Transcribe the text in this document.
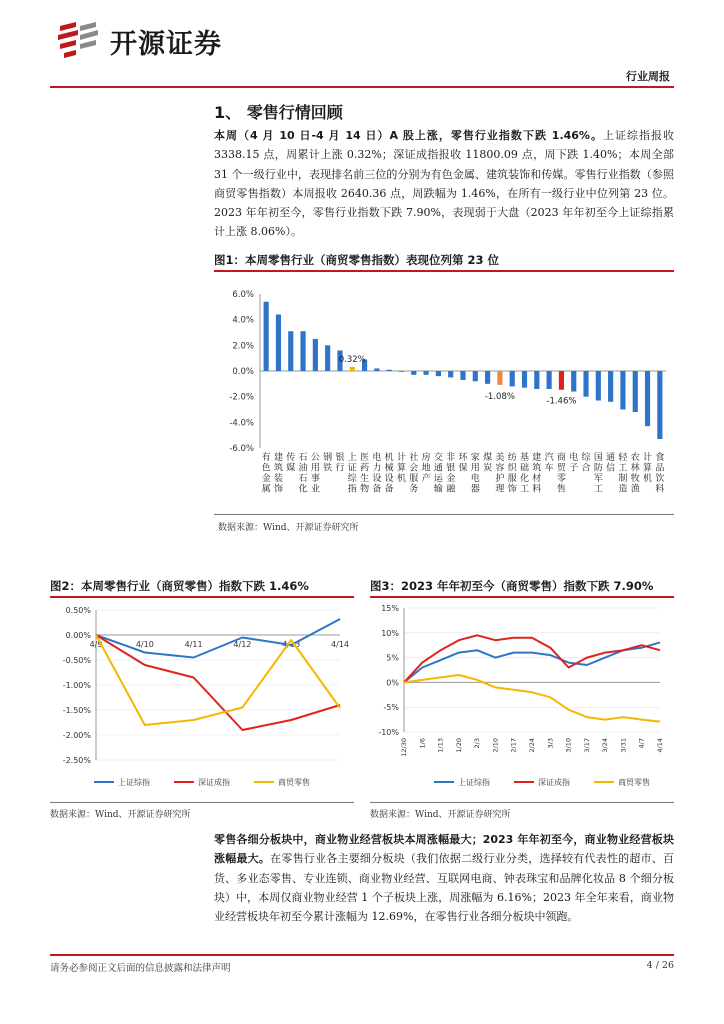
开源证券
行业周报
1、 零售行情回顾
本周（4 月 10 日-4 月 14 日）A 股上涨，零售行业指数下跌 1.46%。上证综指报收 3338.15 点，周累计上涨 0.32%；深证成指报收 11800.09 点，周下跌 1.40%；本周全部 31 个一级行业中，表现排名前三位的分别为有色金属、建筑装饰和传媒。零售行业指数（参照商贸零售指数）本周报收 2640.36 点，周跌幅为 1.46%，在所有一级行业中位列第 23 位。2023 年年初至今，零售行业指数下跌 7.90%，表现弱于大盘（2023 年年初至今上证综指累计上涨 8.06%）。
图1：本周零售行业（商贸零售指数）表现位列第 23 位
6.0%
4.0%
2.0%
0.0%
-2.0%
-4.0%
-6.0%
有
色
金
属
建
筑
装
饰
传
媒
石
油
石
化
公
用
事
业
钢
铁
银
行
上
证
综
指
医
药
生
物
电
力
设
备
机
械
设
备
计
算
机
社
会
服
务
房
地
产
交
通
运
输
非
银
金
融
环
保
家
用
电
器
煤
炭
美
容
护
理
纺
织
服
饰
基
础
化
工
建
筑
材
料
汽
车
商
贸
零
售
电
子
综
合
国
防
军
工
通
信
轻
工
制
造
农
林
牧
渔
计
算
机
食
品
饮
料
0.32%
-1.08%	-1.46%
数据来源：Wind、开源证券研究所
图2：本周零售行业（商贸零售）指数下跌 1.46%
0.50%
0.00%
-0.50%
-1.00%
-1.50%
-2.00%
-2.50%
4/9	4/10	4/11	4/12	4/13	4/14
上证综指	深证成指	商贸零售
数据来源：Wind、开源证券研究所
图3：2023 年年初至今（商贸零售）指数下跌 7.90%
15%
10%
5%
0%
-5%
-10%
12/30 1/6 1/13 1/20 2/3 2/10 2/17 2/24 3/3 3/10 3/17 3/24 3/31 4/7 4/14
上证综指	深证成指	商贸零售
数据来源：Wind、开源证券研究所
零售各细分板块中，商业物业经营板块本周涨幅最大；2023 年年初至今，商业物业经营板块涨幅最大。在零售行业各主要细分板块（我们依据二级行业分类，选择较有代表性的超市、百货、多业态零售、专业连锁、商业物业经营、互联网电商、钟表珠宝和品牌化妆品 8 个细分板块）中，本周仅商业物业经营 1 个子板块上涨，周涨幅为 6.16%；2023 年全年来看，商业物业经营板块年初至今累计涨幅为 12.69%，在零售行业各细分板块中领跑。
请务必参阅正文后面的信息披露和法律声明	4 / 26
